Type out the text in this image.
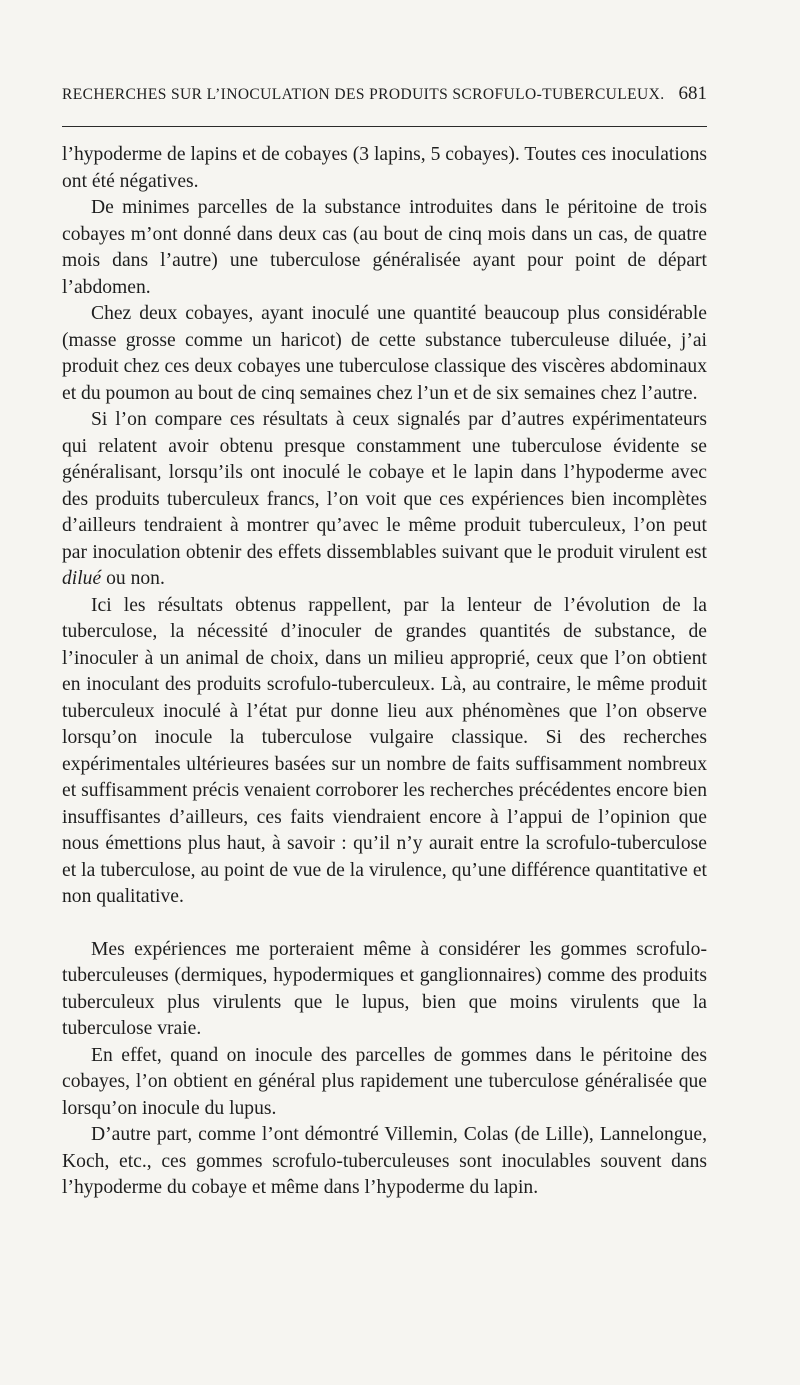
RECHERCHES SUR L’INOCULATION DES PRODUITS SCROFULO-TUBERCULEUX. 681

l’hypoderme de lapins et de cobayes (3 lapins, 5 cobayes). Toutes ces inoculations ont été négatives.

De minimes parcelles de la substance introduites dans le péritoine de trois cobayes m’ont donné dans deux cas (au bout de cinq mois dans un cas, de quatre mois dans l’autre) une tuberculose généralisée ayant pour point de départ l’abdomen.

Chez deux cobayes, ayant inoculé une quantité beaucoup plus considérable (masse grosse comme un haricot) de cette substance tuberculeuse diluée, j’ai produit chez ces deux cobayes une tuberculose classique des viscères abdominaux et du poumon au bout de cinq semaines chez l’un et de six semaines chez l’autre.

Si l’on compare ces résultats à ceux signalés par d’autres expérimentateurs qui relatent avoir obtenu presque constamment une tuberculose évidente se généralisant, lorsqu’ils ont inoculé le cobaye et le lapin dans l’hypoderme avec des produits tuberculeux francs, l’on voit que ces expériences bien incomplètes d’ailleurs tendraient à montrer qu’avec le même produit tuberculeux, l’on peut par inoculation obtenir des effets dissemblables suivant que le produit virulent est dilué ou non.

Ici les résultats obtenus rappellent, par la lenteur de l’évolution de la tuberculose, la nécessité d’inoculer de grandes quantités de substance, de l’inoculer à un animal de choix, dans un milieu approprié, ceux que l’on obtient en inoculant des produits scrofulo-tuberculeux. Là, au contraire, le même produit tuberculeux inoculé à l’état pur donne lieu aux phénomènes que l’on observe lorsqu’on inocule la tuberculose vulgaire classique. Si des recherches expérimentales ultérieures basées sur un nombre de faits suffisamment nombreux et suffisamment précis venaient corroborer les recherches précédentes encore bien insuffisantes d’ailleurs, ces faits viendraient encore à l’appui de l’opinion que nous émettions plus haut, à savoir : qu’il n’y aurait entre la scrofulo-tuberculose et la tuberculose, au point de vue de la virulence, qu’une différence quantitative et non qualitative.

Mes expériences me porteraient même à considérer les gommes scrofulo-tuberculeuses (dermiques, hypodermiques et ganglionnaires) comme des produits tuberculeux plus virulents que le lupus, bien que moins virulents que la tuberculose vraie.

En effet, quand on inocule des parcelles de gommes dans le péritoine des cobayes, l’on obtient en général plus rapidement une tuberculose généralisée que lorsqu’on inocule du lupus.

D’autre part, comme l’ont démontré Villemin, Colas (de Lille), Lannelongue, Koch, etc., ces gommes scrofulo-tuberculeuses sont inoculables souvent dans l’hypoderme du cobaye et même dans l’hypoderme du lapin.
